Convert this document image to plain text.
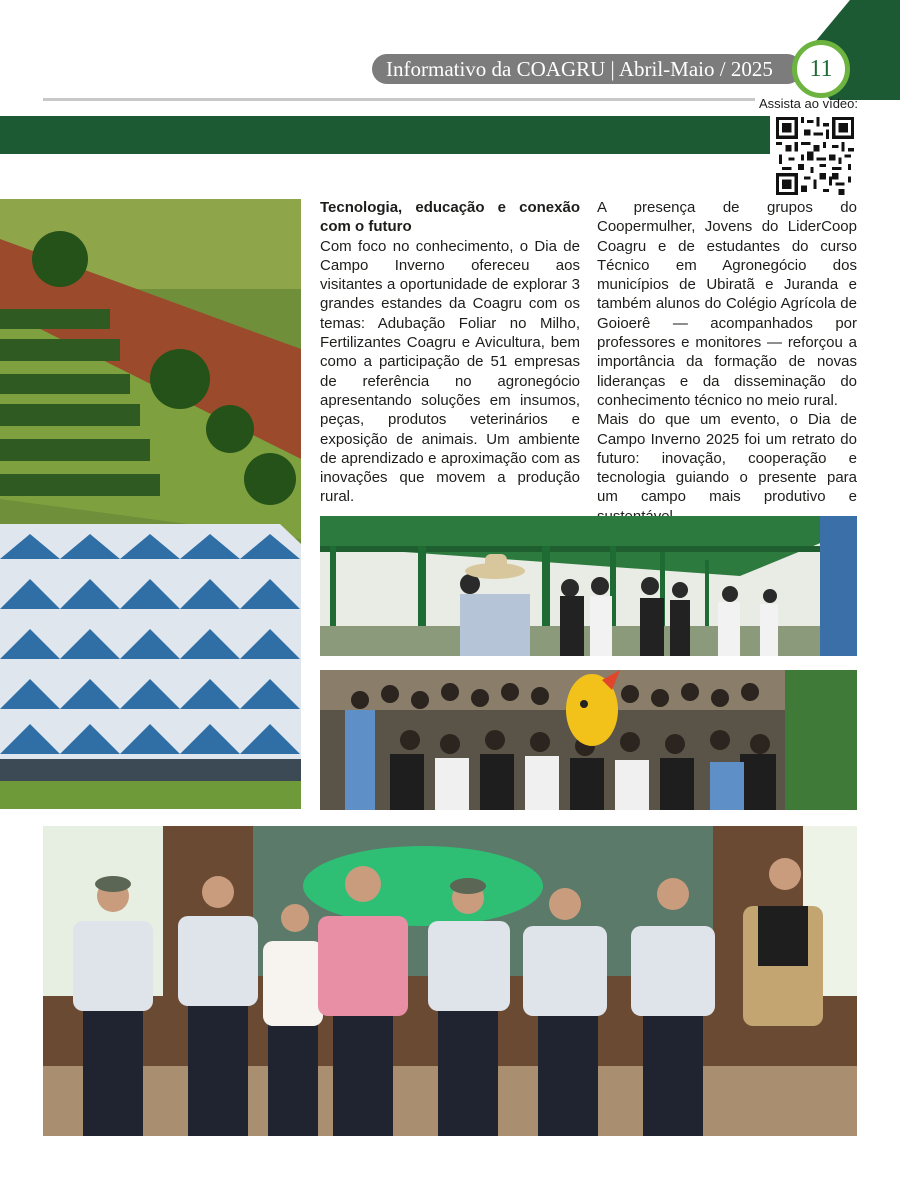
Informativo da COAGRU | Abril-Maio / 2025	11
Assista ao vídeo:
Tecnologia, educação e conexão com o futuro

Com foco no conhecimento, o Dia de Campo Inverno ofereceu aos visitantes a oportunidade de explorar 3 grandes estandes da Coagru com os temas: Adubação Foliar no Milho, Fertilizantes Coagru e Avicultura, bem como a participação de 51 empresas de referência no agronegócio apresentando soluções em insumos, peças, produtos veterinários e exposição de animais. Um ambiente de aprendizado e aproximação com as inovações que movem a produção rural.

A presença de grupos do Coopermulher, Jovens do LiderCoop Coagru e de estudantes do curso Técnico em Agronegócio dos municípios de Ubiratã e Juranda e também alunos do Colégio Agrícola de Goioerê — acompanhados por professores e monitores — reforçou a importância da formação de novas lideranças e da disseminação do conhecimento técnico no meio rural.

Mais do que um evento, o Dia de Campo Inverno 2025 foi um retrato do futuro: inovação, cooperação e tecnologia guiando o presente para um campo mais produtivo e
